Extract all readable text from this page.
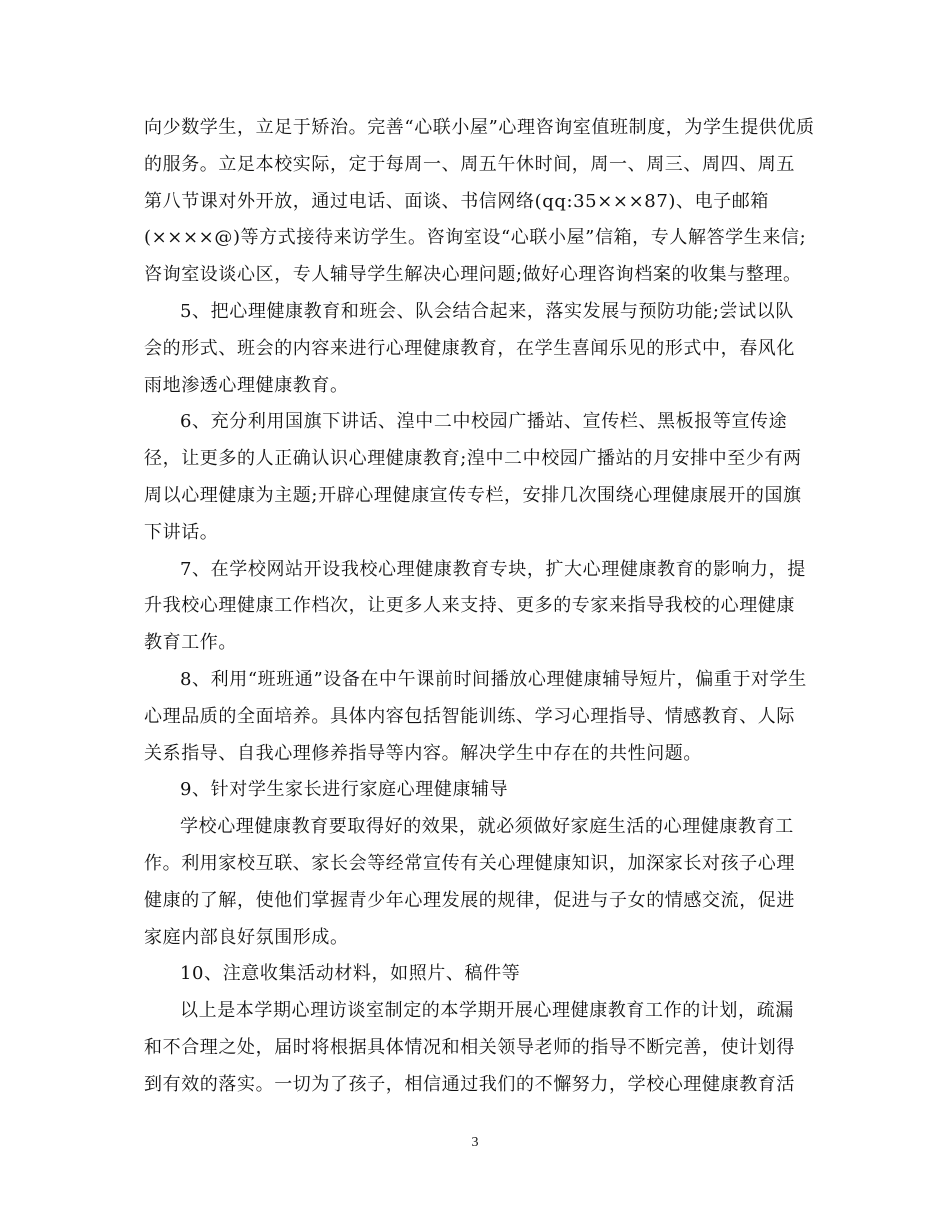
向少数学生，立足于矫治。完善“心联小屋”心理咨询室值班制度，为学生提供优质
的服务。立足本校实际，定于每周一、周五午休时间，周一、周三、周四、周五
第八节课对外开放，通过电话、面谈、书信网络(qq:35×××87)、电子邮箱
(××××@)等方式接待来访学生。咨询室设“心联小屋”信箱，专人解答学生来信;
咨询室设谈心区，专人辅导学生解决心理问题;做好心理咨询档案的收集与整理。
5、把心理健康教育和班会、队会结合起来，落实发展与预防功能;尝试以队
会的形式、班会的内容来进行心理健康教育，在学生喜闻乐见的形式中，春风化
雨地渗透心理健康教育。
6、充分利用国旗下讲话、湟中二中校园广播站、宣传栏、黑板报等宣传途
径，让更多的人正确认识心理健康教育;湟中二中校园广播站的月安排中至少有两
周以心理健康为主题;开辟心理健康宣传专栏，安排几次围绕心理健康展开的国旗
下讲话。
7、在学校网站开设我校心理健康教育专块，扩大心理健康教育的影响力，提
升我校心理健康工作档次，让更多人来支持、更多的专家来指导我校的心理健康
教育工作。
8、利用“班班通”设备在中午课前时间播放心理健康辅导短片，偏重于对学生
心理品质的全面培养。具体内容包括智能训练、学习心理指导、情感教育、人际
关系指导、自我心理修养指导等内容。解决学生中存在的共性问题。
9、针对学生家长进行家庭心理健康辅导
学校心理健康教育要取得好的效果，就必须做好家庭生活的心理健康教育工
作。利用家校互联、家长会等经常宣传有关心理健康知识，加深家长对孩子心理
健康的了解，使他们掌握青少年心理发展的规律，促进与子女的情感交流，促进
家庭内部良好氛围形成。
10、注意收集活动材料，如照片、稿件等
以上是本学期心理访谈室制定的本学期开展心理健康教育工作的计划，疏漏
和不合理之处，届时将根据具体情况和相关领导老师的指导不断完善，使计划得
到有效的落实。一切为了孩子，相信通过我们的不懈努力，学校心理健康教育活
3
